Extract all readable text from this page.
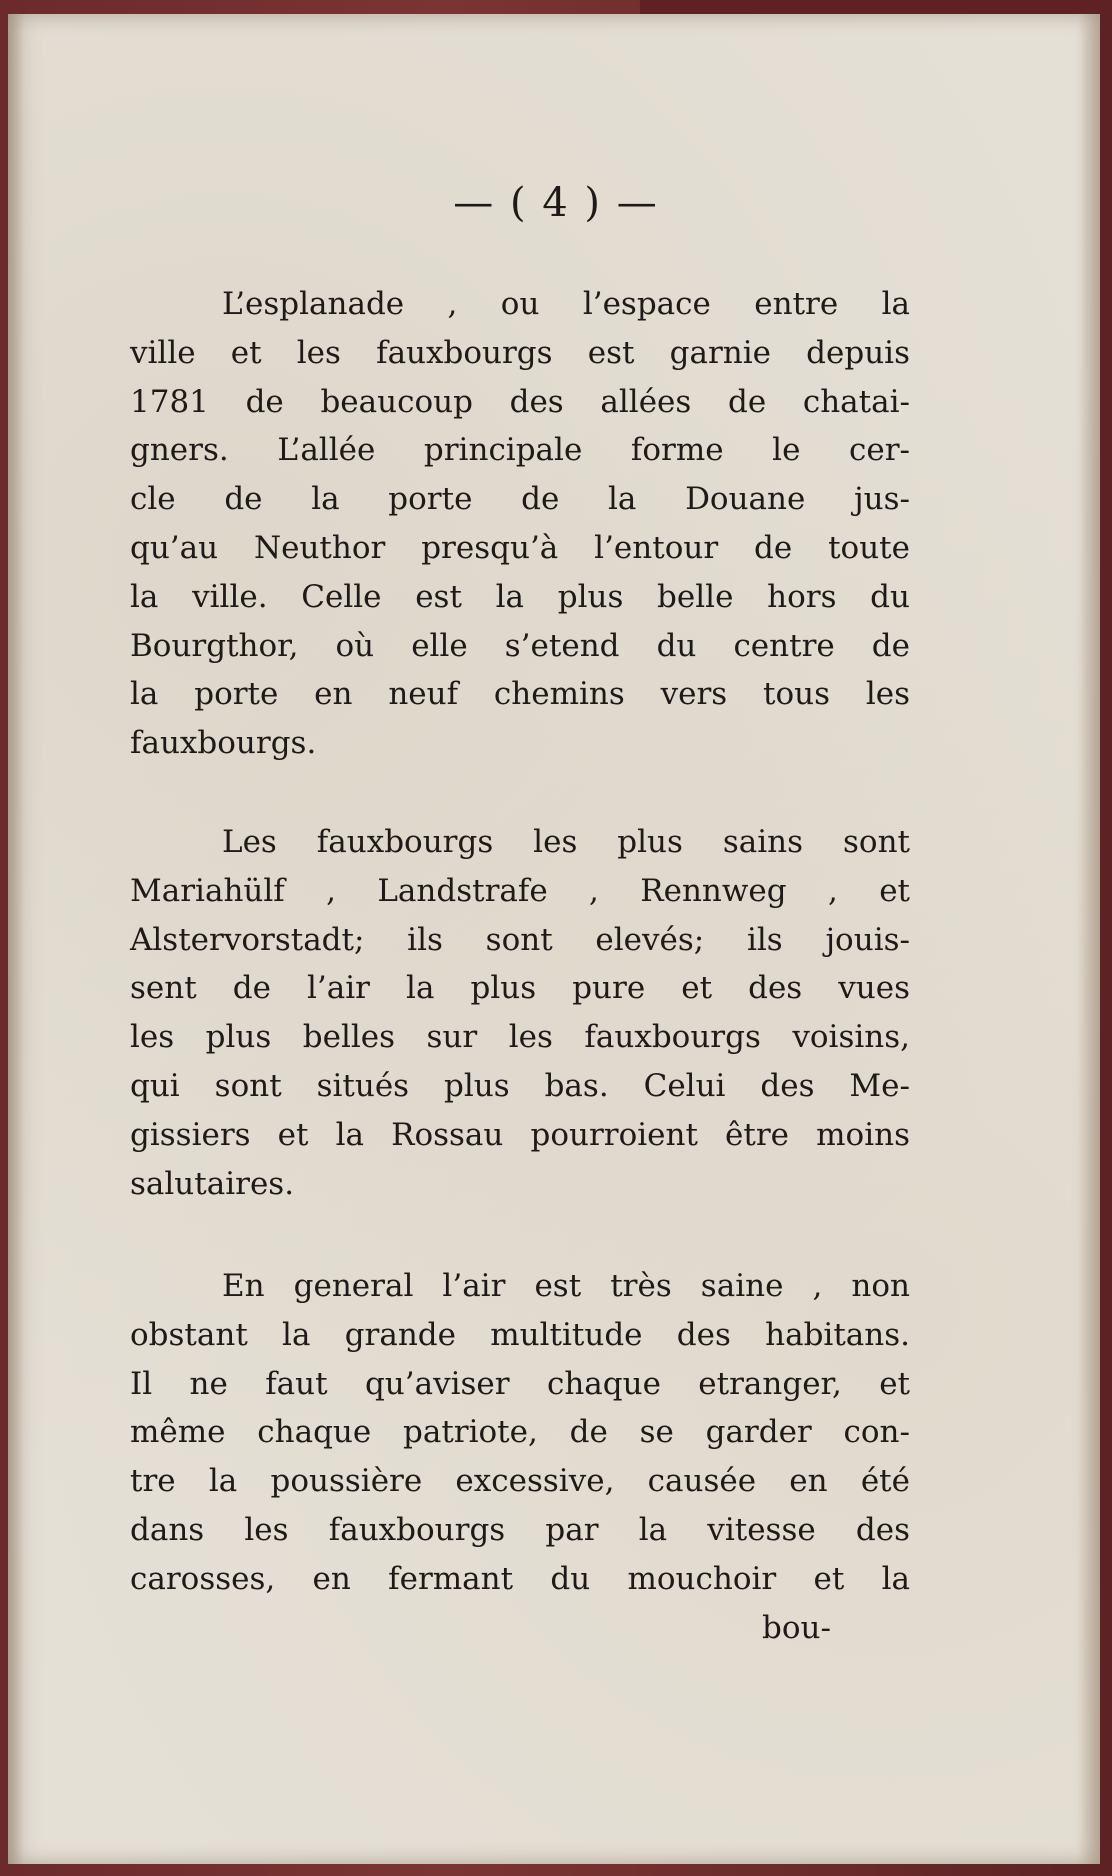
— ( 4 ) —
L’esplanade , ou l’espace entre la
ville et les fauxbourgs est garnie depuis
1781 de beaucoup des allées de chatai-
gners. L’allée principale forme le cer-
cle de la porte de la Douane jus-
qu’au Neuthor presqu’à l’entour de toute
la ville. Celle est la plus belle hors du
Bourgthor, où elle s’etend du centre de
la porte en neuf chemins vers tous les
fauxbourgs.
Les fauxbourgs les plus sains sont
Mariahülf , Landstrafe , Rennweg , et
Alstervorstadt; ils sont elevés; ils jouis-
sent de l’air la plus pure et des vues
les plus belles sur les fauxbourgs voisins,
qui sont situés plus bas. Celui des Me-
gissiers et la Rossau pourroient être moins
salutaires.
En general l’air est très saine , non
obstant la grande multitude des habitans.
Il ne faut qu’aviser chaque etranger, et
même chaque patriote, de se garder con-
tre la poussière excessive, causée en été
dans les fauxbourgs par la vitesse des
carosses, en fermant du mouchoir et la
bou-
